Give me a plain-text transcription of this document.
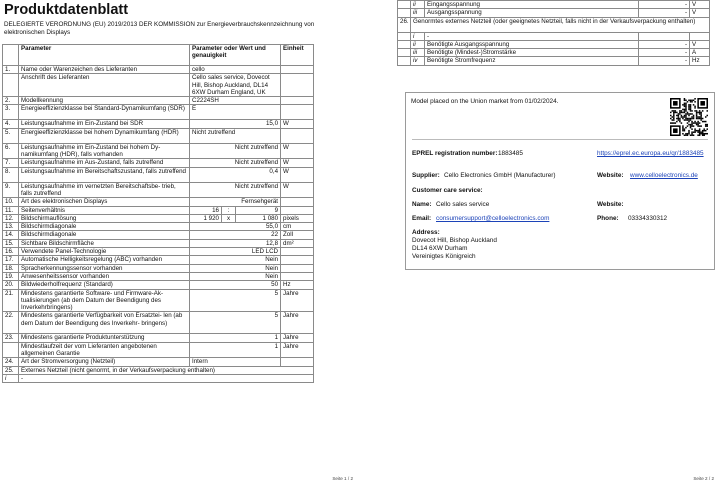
Produktdatenblatt
DELEGIERTE VERORDNUNG (EU) 2019/2013 DER KOMMISSION zur Energieverbrauchskennzeichnung von elektronischen Displays
	Parameter	Parameter oder Wert und genauigkeit			Einheit
1.	Name oder Warenzeichen des Lieferanten	cello			
	Anschrift des Lieferanten	Cello sales service, Dovecot Hill, Bishop Auckland, DL14 6XW Durham England, UK			
2.	Modellkennung	C2224SH			
3.	Energieeffizienzklasse bei Standard-Dynamikumfang (SDR)	E			
4.	Leistungsaufnahme im Ein-Zustand bei SDR	15,0			W
5.	Energieeffizienzklasse bei hohem Dynamikumfang (HDR)	Nicht zutreffend			
6.	Leistungsaufnahme im Ein-Zustand bei hohem Dy- namikumfang (HDR), falls vorhanden	Nicht zutreffend			W
7.	Leistungsaufnahme im Aus-Zustand, falls zutreffend	Nicht zutreffend			W
8.	Leistungsaufnahme im Bereitschaftszustand, falls zutreffend	0,4			W
9.	Leistungsaufnahme im vernetzten Bereitschaftsbe- trieb, falls zutreffend	Nicht zutreffend			W
10.	Art des elektronischen Displays	Fernsehgerät			
11.	Seitenverhältnis	16	:	9	
12.	Bildschirmauflösung	1 920	x	1 080	pixels
13.	Bildschirmdiagonale	55,0			cm
14.	Bildschirmdiagonale	22			Zoll
15.	Sichtbare Bildschirmfläche	12,8			dm²
16.	Verwendete Panel-Technologie	LED LCD			
17.	Automatische Helligkeitsregelung (ABC) vorhanden	Nein			
18.	Spracherkennungssensor vorhanden	Nein			
19.	Anwesenheitssensor vorhanden	Nein			
20.	Bildwiederholfrequenz (Standard)	50			Hz
21.	Mindestens garantierte Software- und Firmware-Ak- tualisierungen (ab dem Datum der Beendigung des Inverkehrbringens)	5			Jahre
22.	Mindestens garantierte Verfügbarkeit von Ersatztei- len (ab dem Datum der Beendigung des Inverkehr- bringens)	5			Jahre
23.	Mindestens garantierte Produktunterstützung	1			Jahre
	Mindestlaufzeit der vom Lieferanten angebotenen allgemeinen Garantie	1			Jahre
24.	Art der Stromversorgung (Netzteil)	Intern			
25.	Externes Netzteil (nicht genormt, in der Verkaufsverpackung enthalten)				
i	-				
Seite 1 / 2
	ii	Eingangsspannung	-	V
	iii	Ausgangsspannung	-	V
26.	Genormtes externes Netzteil (oder geeignetes Netzteil, falls nicht in der Verkaufsverpackung enthalten)			
	i	-		
	ii	Benötigte Ausgangsspannung	-	V
	iii	Benötigte (Mindest-)Stromstärke	-	A
	iv	Benötigte Stromfrequenz	-	Hz
Model placed on the Union market from 01/02/2024.
EPREL registration number: 1883485	https://eprel.ec.europa.eu/qr/1883485
Supplier: Cello Electronics GmbH (Manufacturer)	Website: www.celloelectronics.de
Customer care service:
Name: Cello sales service	Website:
Email: consumersupport@celloelectronics.com	Phone: 03334330312
Address:
Dovecot Hill, Bishop Auckland
DL14 6XW Durham
Vereinigtes Königreich
Seite 2 / 2
